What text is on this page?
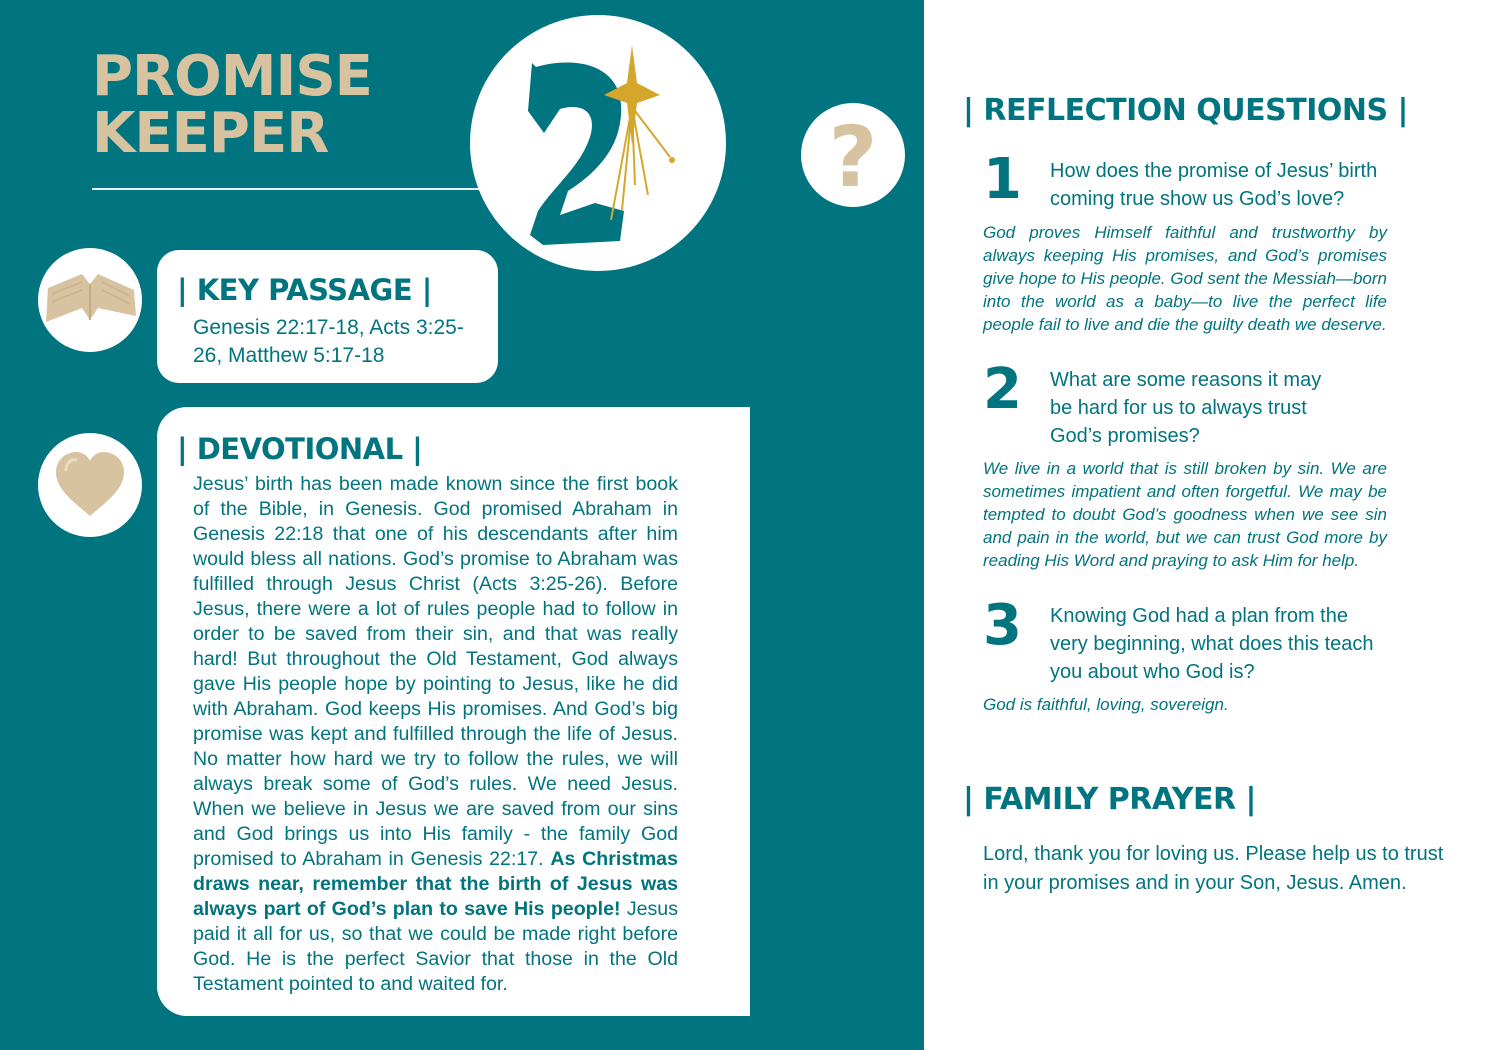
PROMISE
KEEPER	?
| KEY PASSAGE |

Genesis 22:17-18, Acts 3:25-26, Matthew 5:17-18

| DEVOTIONAL |

Jesus’ birth has been made known since the first book of the Bible, in Genesis. God promised Abraham in Genesis 22:18 that one of his descendants after him would bless all nations. God’s promise to Abraham was fulfilled through Jesus Christ (Acts 3:25-26). Before Jesus, there were a lot of rules people had to follow in order to be saved from their sin, and that was really hard! But throughout the Old Testament, God always gave His people hope by pointing to Jesus, like he did with Abraham. God keeps His promises. And God’s big promise was kept and fulfilled through the life of Jesus. No matter how hard we try to follow the rules, we will always break some of God’s rules. We need Jesus. When we believe in Jesus we are saved from our sins and God brings us into His family - the family God promised to Abraham in Genesis 22:17. As Christmas draws near, remember that the birth of Jesus was always part of God’s plan to save His people! Jesus paid it all for us, so that we could be made right before God. He is the perfect Savior that those in the Old Testament pointed to and waited for.

| REFLECTION QUESTIONS |
1 How does the promise of Jesus’ birth coming true show us God’s love?

God proves Himself faithful and trustworthy by always keeping His promises, and God’s promises give hope to His people. God sent the Messiah—born into the world as a baby—to live the perfect life people fail to live and die the guilty death we deserve.

2 What are some reasons it may be hard for us to always trust God’s promises?

We live in a world that is still broken by sin. We are sometimes impatient and often forgetful. We may be tempted to doubt God’s goodness when we see sin and pain in the world, but we can trust God more by reading His Word and praying to ask Him for help.

3 Knowing God had a plan from the very beginning, what does this teach you about who God is?

God is faithful, loving, sovereign.

| FAMILY PRAYER |

Lord, thank you for loving us. Please help us to trust in your promises and in your Son, Jesus. Amen.
